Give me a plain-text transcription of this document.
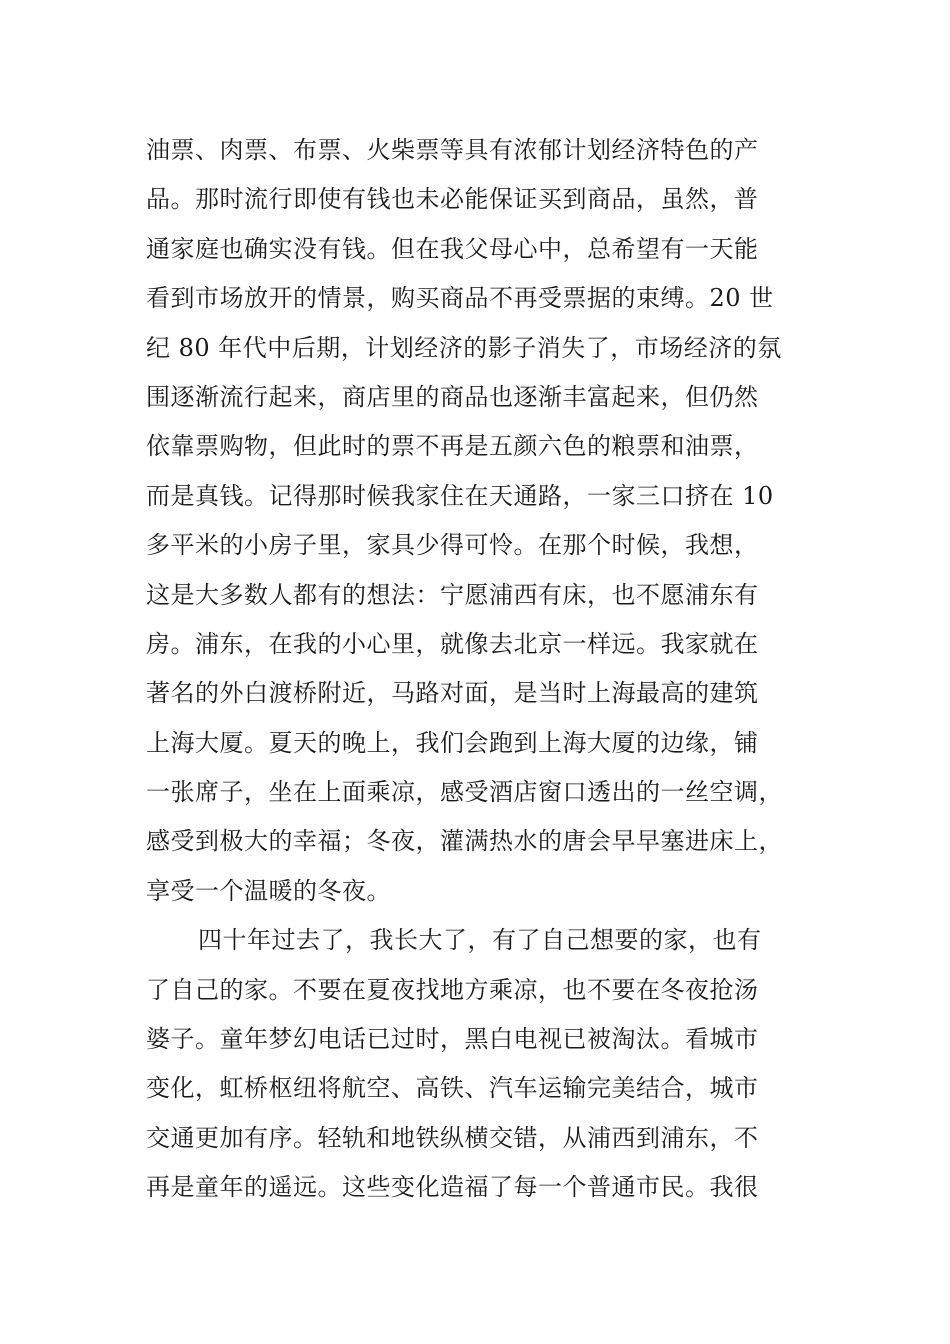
油票、肉票、布票、火柴票等具有浓郁计划经济特色的产
品。那时流行即使有钱也未必能保证买到商品，虽然，普
通家庭也确实没有钱。但在我父母心中，总希望有一天能
看到市场放开的情景，购买商品不再受票据的束缚。20 世
纪 80 年代中后期，计划经济的影子消失了，市场经济的氛
围逐渐流行起来，商店里的商品也逐渐丰富起来，但仍然
依靠票购物，但此时的票不再是五颜六色的粮票和油票，
而是真钱。记得那时候我家住在天通路，一家三口挤在 10
多平米的小房子里，家具少得可怜。在那个时候，我想，
这是大多数人都有的想法：宁愿浦西有床，也不愿浦东有
房。浦东，在我的小心里，就像去北京一样远。我家就在
著名的外白渡桥附近，马路对面，是当时上海最高的建筑
上海大厦。夏天的晚上，我们会跑到上海大厦的边缘，铺
一张席子，坐在上面乘凉，感受酒店窗口透出的一丝空调，
感受到极大的幸福；冬夜，灌满热水的唐会早早塞进床上，
享受一个温暖的冬夜。
四十年过去了，我长大了，有了自己想要的家，也有
了自己的家。不要在夏夜找地方乘凉，也不要在冬夜抢汤
婆子。童年梦幻电话已过时，黑白电视已被淘汰。看城市
变化，虹桥枢纽将航空、高铁、汽车运输完美结合，城市
交通更加有序。轻轨和地铁纵横交错，从浦西到浦东，不
再是童年的遥远。这些变化造福了每一个普通市民。我很
